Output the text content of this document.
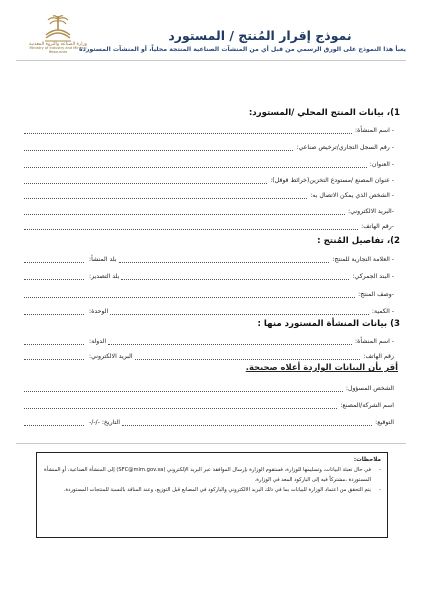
وزارة الصناعة والثروة المعدنية
Ministry of Industry and Mineral Resources
نموذج إقرار المُنتج / المستورد
يعبأ هذا النموذج على الورق الرسمي من قبل أي من المنشآت الصناعية المنتجة محلياً، أو المنشآت المستوردة
1)، بيانات المنتج المحلي /المستورد:
- اسم المنشأة:
- رقم السجل التجاري/ترخيص صناعي:
- العنوان:
- عنوان المصنع /مستودع التخزين(خرائط قوقل):
- الشخص الذي يمكن الاتصال به:
-البريد الالكتروني:
-رقم الهاتف:
2)، تفاصيل المُنتج :
- العلامة التجارية للمنتج:
بلد المنشأ:
- البند الجمركي:
بلد التصدير:
-وصف المنتج:
- الكمية:
الوحدة:
3) بيانات المنشأة المستورد منها :
- اسم المنشأة:
الدولة:
رقم الهاتف:
البريد الالكتروني:
أقر بأن البيانات الواردة أعلاه صحيحة.
الشخص المسؤول:
اسم الشركة/المصنع:
التوقيع:
التاريخ: -/-/-
ملاحظات:
- في حال تعبئة البيانات، وتسليمها للوزارة، فستقوم الوزارة بإرسال الموافقة عبر البريد الإلكتروني (SFC@mim.gov.sa) إلى المنشأة الصناعية، أو المنشأة المستوردة ،مشتركاً فيه إلى الباركود المعد في الوزارة.
- يتم التحقق من اعتماد الوزارة للبيانات بما في ذلك البريد الالكتروني والباركود في المصانع قبل التوزيع، وعند المنافذ بالنسبة للمنتجات المستوردة.
